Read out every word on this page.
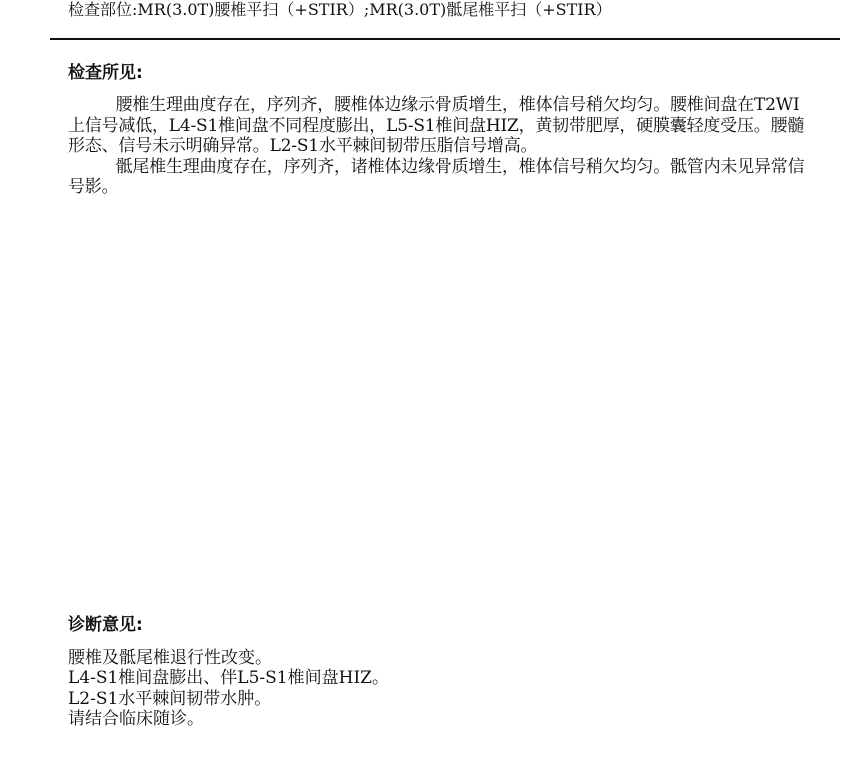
检查部位:MR(3.0T)腰椎平扫（+STIR）;MR(3.0T)骶尾椎平扫（+STIR）
检查所见:

腰椎生理曲度存在，序列齐，腰椎体边缘示骨质增生，椎体信号稍欠均匀。腰椎间盘在T2WI上信号减低，L4-S1椎间盘不同程度膨出，L5-S1椎间盘HIZ，黄韧带肥厚，硬膜囊轻度受压。腰髓形态、信号未示明确异常。L2-S1水平棘间韧带压脂信号增高。

骶尾椎生理曲度存在，序列齐，诸椎体边缘骨质增生，椎体信号稍欠均匀。骶管内未见异常信号影。

诊断意见:
腰椎及骶尾椎退行性改变。
L4-S1椎间盘膨出、伴L5-S1椎间盘HIZ。
L2-S1水平棘间韧带水肿。
请结合临床随诊。
